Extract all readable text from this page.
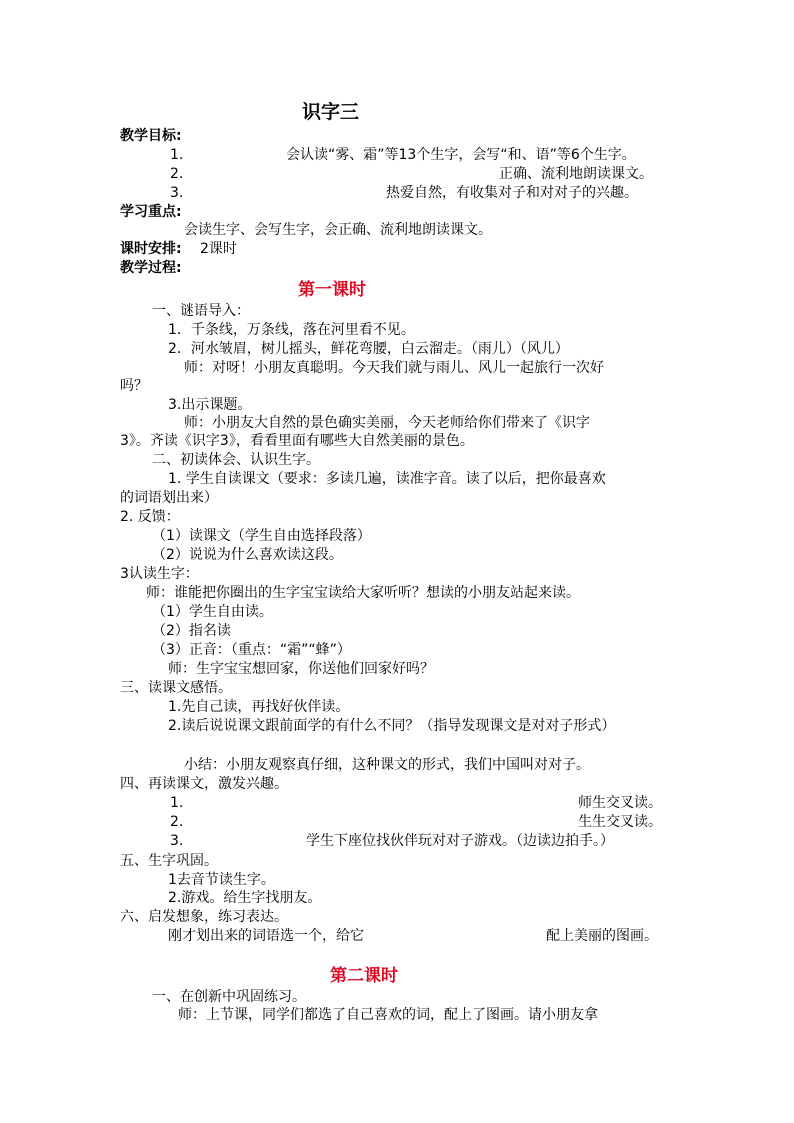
识字三
教学目标:
1.	会认读“雾、霜”等13个生字，会写“和、语”等6个生字。
2.	正确、流利地朗读课文。
3.	热爱自然，有收集对子和对对子的兴趣。
学习重点:
会读生字、会写生字，会正确、流利地朗读课文。
课时安排: 2课时
教学过程:
第一课时
一、谜语导入：
1．千条线，万条线，落在河里看不见。
2．河水皱眉，树儿摇头，鲜花弯腰，白云溜走。（雨儿）（风儿）
师：对呀！小朋友真聪明。今天我们就与雨儿、风儿一起旅行一次好
吗？
3.出示课题。
师：小朋友大自然的景色确实美丽，今天老师给你们带来了《识字
3》。齐读《识字3》，看看里面有哪些大自然美丽的景色。
二、初读体会、认识生字。
1. 学生自读课文（要求：多读几遍，读准字音。读了以后，把你最喜欢
的词语划出来）
2. 反馈：
（1）读课文（学生自由选择段落）
（2）说说为什么喜欢读这段。
3认读生字：
师：谁能把你圈出的生字宝宝读给大家听听？想读的小朋友站起来读。
（1）学生自由读。
（2）指名读
（3）正音：（重点：“霜”“蜂”）
师：生字宝宝想回家，你送他们回家好吗？
三、读课文感悟。
1.先自己读，再找好伙伴读。
2.读后说说课文跟前面学的有什么不同？（指导发现课文是对对子形式）
小结：小朋友观察真仔细，这种课文的形式，我们中国叫对对子。
四、再读课文，激发兴趣。
1.	师生交叉读。
2.	生生交叉读。
3.	学生下座位找伙伴玩对对子游戏。（边读边拍手。）
五、生字巩固。
1去音节读生字。
2.游戏。给生字找朋友。
六、启发想象，练习表达。
刚才划出来的词语选一个，给它	配上美丽的图画。
第二课时
一、在创新中巩固练习。
师：上节课，同学们都选了自己喜欢的词，配上了图画。请小朋友拿
